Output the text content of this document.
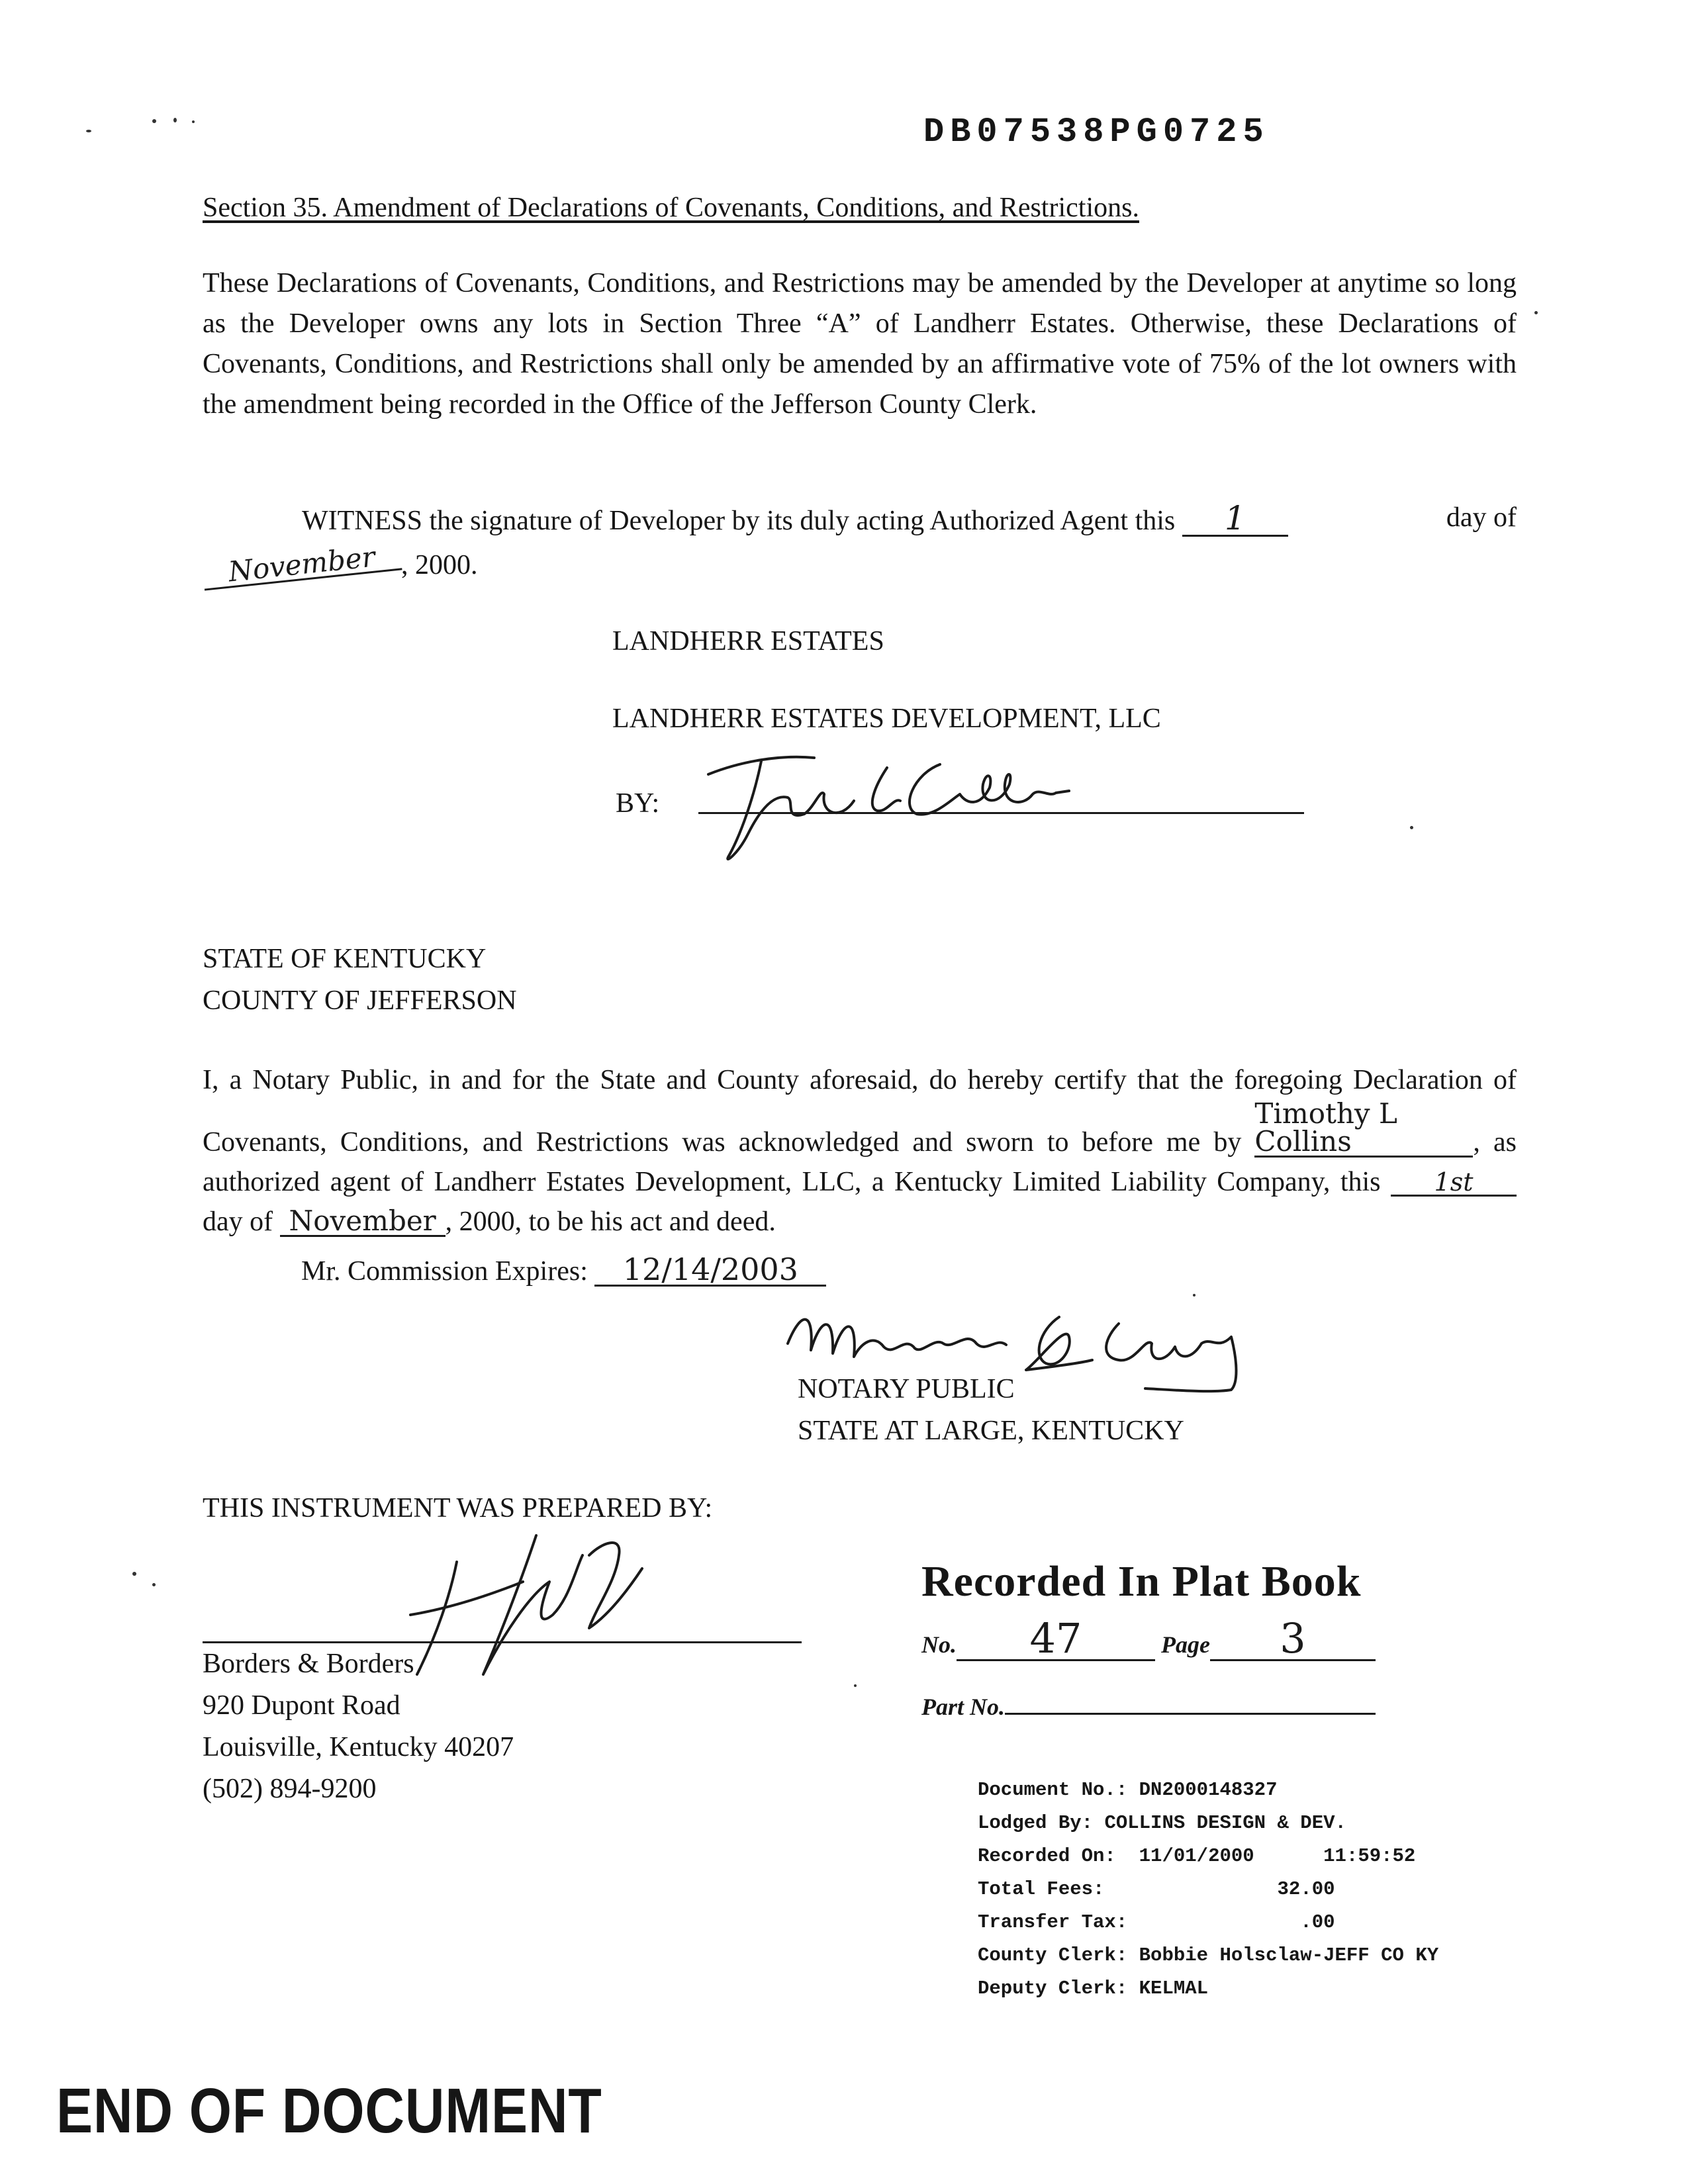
DB07538PG0725
Section 35. Amendment of Declarations of Covenants, Conditions, and Restrictions.
These Declarations of Covenants, Conditions, and Restrictions may be amended by the Developer at anytime so long as the Developer owns any lots in Section Three “A” of Landherr Estates. Otherwise, these Declarations of Covenants, Conditions, and Restrictions shall only be amended by an affirmative vote of 75% of the lot owners with the amendment being recorded in the Office of the Jefferson County Clerk.
WITNESS the signature of Developer by its duly acting Authorized Agent this 1	day of
November , 2000.
LANDHERR ESTATES
LANDHERR ESTATES DEVELOPMENT, LLC
BY:
STATE OF KENTUCKY
COUNTY OF JEFFERSON
I, a Notary Public, in and for the State and County aforesaid, do hereby certify that the foregoing Declaration of Covenants, Conditions, and Restrictions was acknowledged and sworn to before me by Timothy L Collins	, as authorized agent of Landherr Estates Development, LLC, a Kentucky Limited Liability Company, this 1st day of November , 2000, to be his act and deed.
Mr. Commission Expires: 12/14/2003
NOTARY PUBLIC
STATE AT LARGE, KENTUCKY
THIS INSTRUMENT WAS PREPARED BY:
Borders & Borders
920 Dupont Road
Louisville, Kentucky 40207
(502) 894-9200
Recorded In Plat Book
No. 47	Page 3
Part No.
Document No.: DN2000148327
Lodged By: COLLINS DESIGN & DEV.
Recorded On: 11/01/2000	11:59:52
Total Fees:	32.00
Transfer Tax:	.00
County Clerk: Bobbie Holsclaw-JEFF CO KY
Deputy Clerk: KELMAL
END OF DOCUMENT
